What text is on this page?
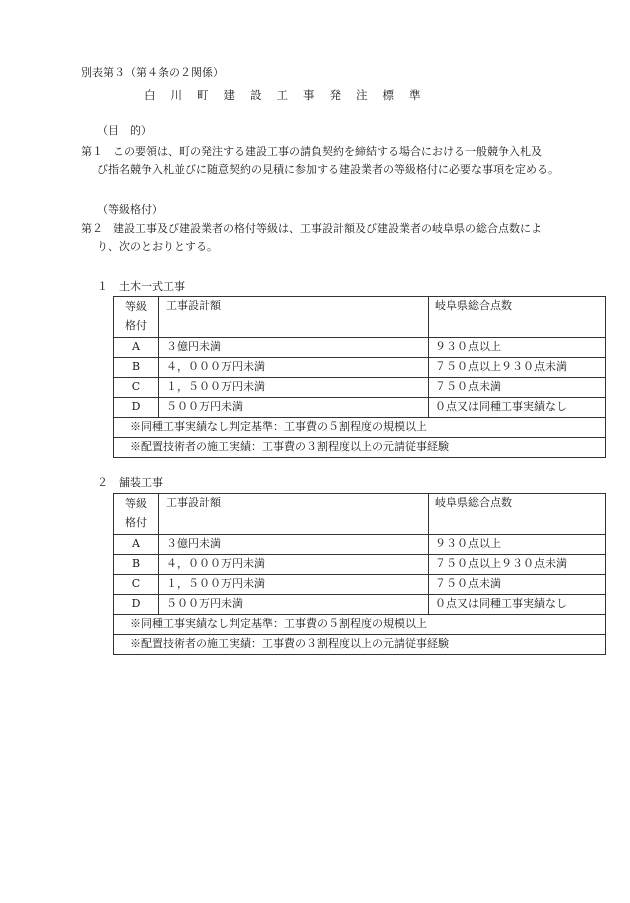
別表第３（第４条の２関係）
白川町建設工事発注標準
（目　的）
第１ この要領は、町の発注する建設工事の請負契約を締結する場合における一般競争入札及
び指名競争入札並びに随意契約の見積に参加する建設業者の等級格付に必要な事項を定める。
（等級格付）
第２ 建設工事及び建設業者の格付等級は、工事設計額及び建設業者の岐阜県の総合点数によ
り、次のとおりとする。
１　土木一式工事
等級
格付	工事設計額	岐阜県総合点数
A	３億円未満	９３０点以上
B	４，０００万円未満	７５０点以上９３０点未満
C	１，５００万円未満	７５０点未満
D	５００万円未満	０点又は同種工事実績なし
※同種工事実績なし判定基準：工事費の５割程度の規模以上		
※配置技術者の施工実績：工事費の３割程度以上の元請従事経験		
２　舗装工事
等級
格付	工事設計額	岐阜県総合点数
A	３億円未満	９３０点以上
B	４，０００万円未満	７５０点以上９３０点未満
C	１，５００万円未満	７５０点未満
D	５００万円未満	０点又は同種工事実績なし
※同種工事実績なし判定基準：工事費の５割程度の規模以上		
※配置技術者の施工実績：工事費の３割程度以上の元請従事経験		
